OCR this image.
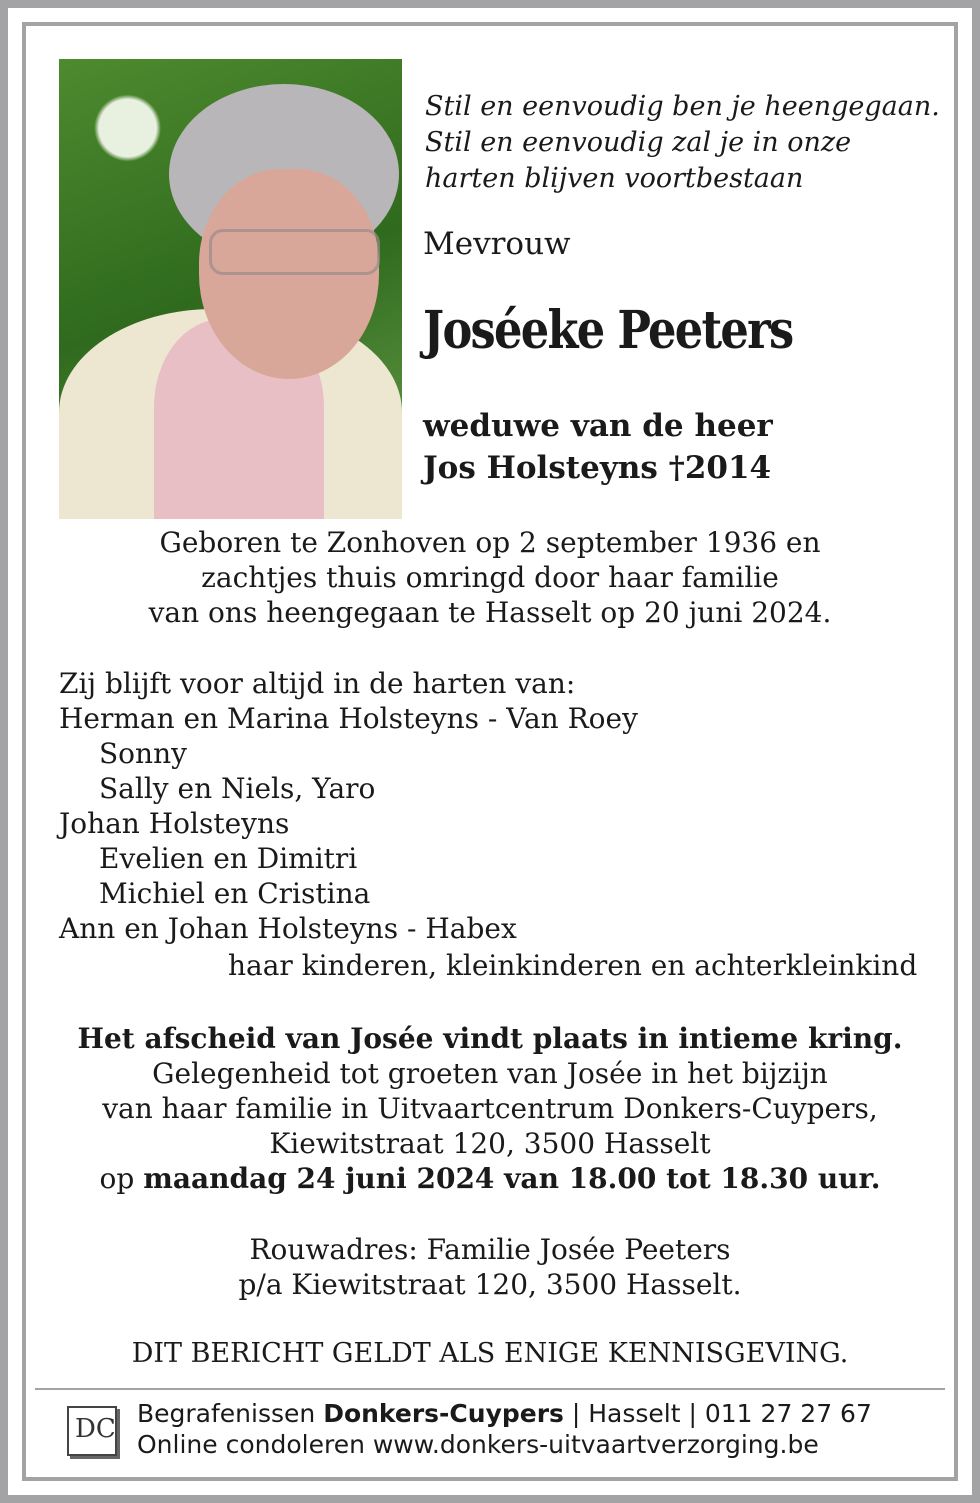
Stil en eenvoudig ben je heengegaan.
Stil en eenvoudig zal je in onze
harten blijven voortbestaan
Mevrouw
Joséeke Peeters
weduwe van de heer
Jos Holsteyns †2014
Geboren te Zonhoven op 2 september 1936 en
zachtjes thuis omringd door haar familie
van ons heengegaan te Hasselt op 20 juni 2024.
Zij blijft voor altijd in de harten van:
Herman en Marina Holsteyns - Van Roey
Sonny
Sally en Niels, Yaro
Johan Holsteyns
Evelien en Dimitri
Michiel en Cristina
Ann en Johan Holsteyns - Habex
haar kinderen, kleinkinderen en achterkleinkind
Het afscheid van Josée vindt plaats in intieme kring.
Gelegenheid tot groeten van Josée in het bijzijn
van haar familie in Uitvaartcentrum Donkers-Cuypers,
Kiewitstraat 120, 3500 Hasselt
op maandag 24 juni 2024 van 18.00 tot 18.30 uur.
Rouwadres: Familie Josée Peeters
p/a Kiewitstraat 120, 3500 Hasselt.
DIT BERICHT GELDT ALS ENIGE KENNISGEVING.
DC
Begrafenissen Donkers-Cuypers | Hasselt | 011 27 27 67
Online condoleren www.donkers-uitvaartverzorging.be
